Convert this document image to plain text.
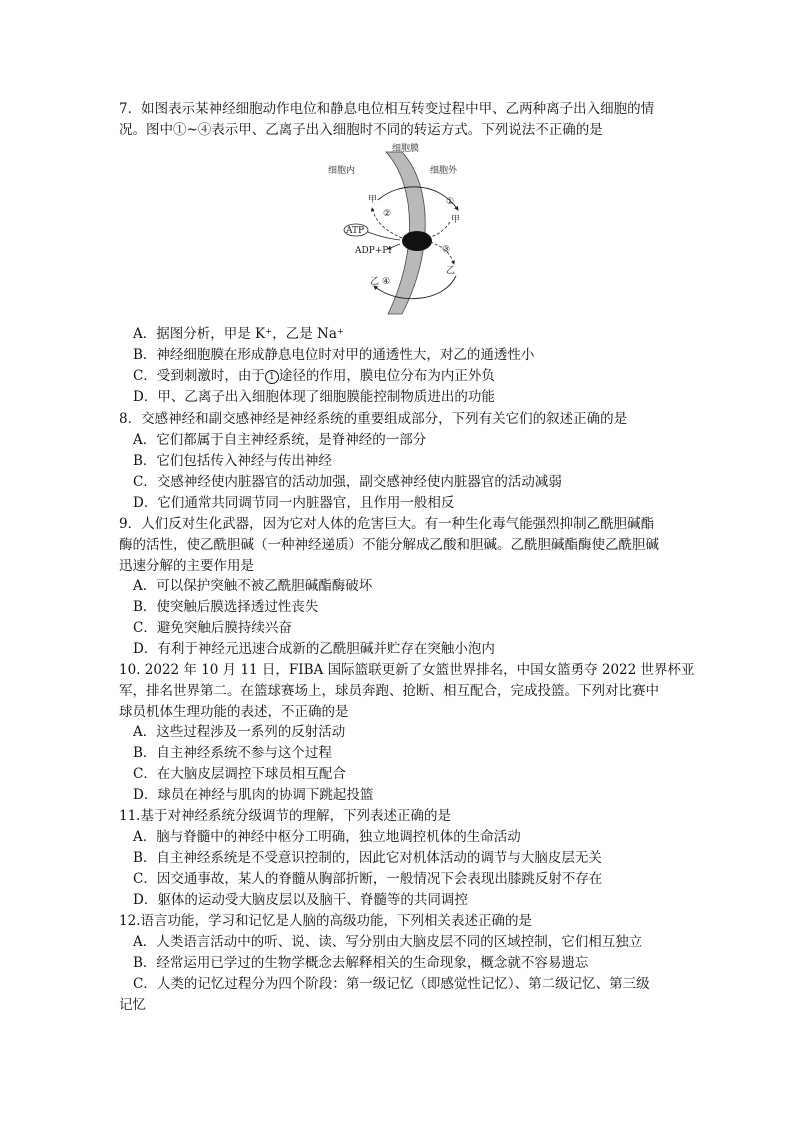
7．如图表示某神经细胞动作电位和静息电位相互转变过程中甲、乙两种离子出入细胞的情
况。图中①~④表示甲、乙离子出入细胞时不同的转运方式。下列说法不正确的是
细胞膜
细胞内	细胞外
甲	①
甲
②
ATP
ADP+Pi	③
乙
乙 ④
A．据图分析，甲是 K⁺，乙是 Na⁺
B．神经细胞膜在形成静息电位时对甲的通透性大，对乙的通透性小
C．受到刺激时，由于 1 途径的作用，膜电位分布为内正外负
D．甲、乙离子出入细胞体现了细胞膜能控制物质进出的功能
8．交感神经和副交感神经是神经系统的重要组成部分，下列有关它们的叙述正确的是
A．它们都属于自主神经系统，是脊神经的一部分
B．它们包括传入神经与传出神经
C．交感神经使内脏器官的活动加强，副交感神经使内脏器官的活动减弱
D．它们通常共同调节同一内脏器官，且作用一般相反
9．人们反对生化武器，因为它对人体的危害巨大。有一种生化毒气能强烈抑制乙酰胆碱酯
酶的活性，使乙酰胆碱（一种神经递质）不能分解成乙酸和胆碱。乙酰胆碱酯酶使乙酰胆碱
迅速分解的主要作用是
A．可以保护突触不被乙酰胆碱酯酶破坏
B．使突触后膜选择透过性丧失
C．避免突触后膜持续兴奋
D．有利于神经元迅速合成新的乙酰胆碱并贮存在突触小泡内
10. 2022 年 10 月 11 日，FIBA 国际篮联更新了女篮世界排名，中国女篮勇夺 2022 世界杯亚
军，排名世界第二。在篮球赛场上，球员奔跑、抢断、相互配合，完成投篮。下列对比赛中
球员机体生理功能的表述，不正确的是
A．这些过程涉及一系列的反射活动
B．自主神经系统不参与这个过程
C．在大脑皮层调控下球员相互配合
D．球员在神经与肌肉的协调下跳起投篮
11.基于对神经系统分级调节的理解，下列表述正确的是
A．脑与脊髓中的神经中枢分工明确，独立地调控机体的生命活动
B．自主神经系统是不受意识控制的，因此它对机体活动的调节与大脑皮层无关
C．因交通事故，某人的脊髓从胸部折断，一般情况下会表现出膝跳反射不存在
D．躯体的运动受大脑皮层以及脑干、脊髓等的共同调控
12.语言功能，学习和记忆是人脑的高级功能，下列相关表述正确的是
A．人类语言活动中的听、说、读、写分别由大脑皮层不同的区域控制，它们相互独立
B．经常运用已学过的生物学概念去解释相关的生命现象，概念就不容易遗忘
C．人类的记忆过程分为四个阶段：第一级记忆（即感觉性记忆）、第二级记忆、第三级
记忆
